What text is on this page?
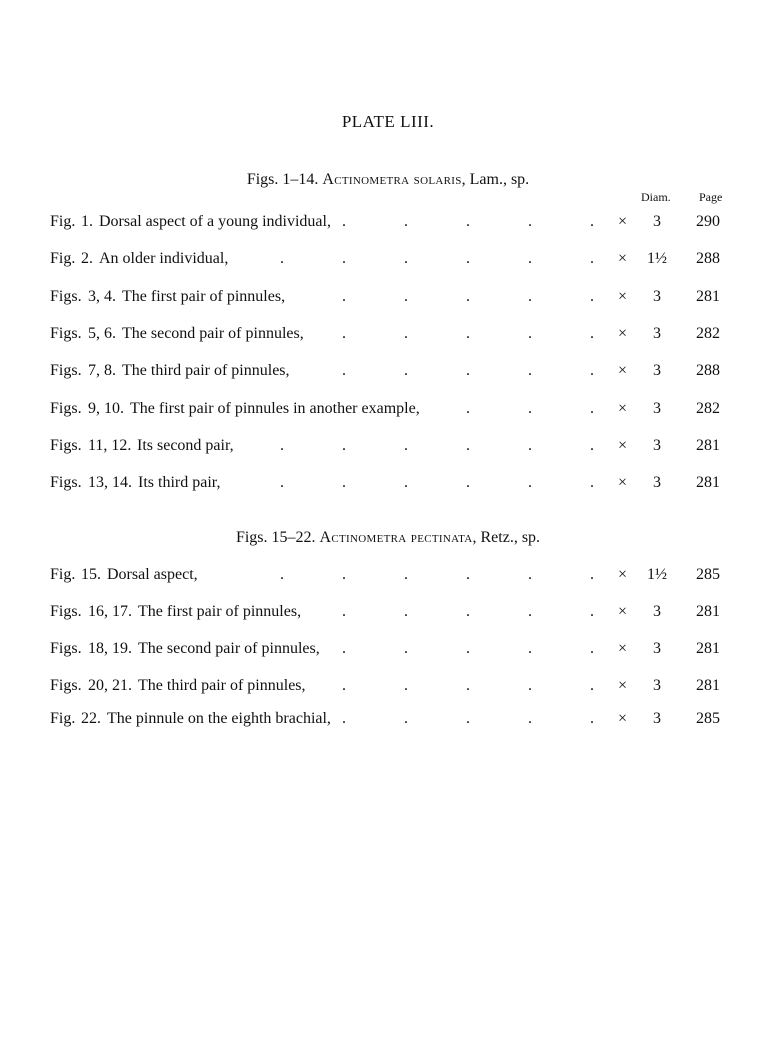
PLATE LIII.
Figs. 1–14. Actinometra solaris, Lam., sp.
Diam. Page
Fig. 1. Dorsal aspect of a young individual, .	.	.	.	. ×	3	290
Fig. 2. An older individual,	.	.	.	.	.	. × 1½ 288
Figs. 3, 4. The first pair of pinnules,	.	.	.	.	. ×	3	281
Figs. 5, 6. The second pair of pinnules, .	.	.	.	. ×	3	282
Figs. 7, 8. The third pair of pinnules,	.	.	.	.	. ×	3	288
Figs. 9, 10. The first pair of pinnules in another example,	.	.	. ×	3	282
Figs. 11, 12. Its second pair,	.	.	.	.	.	. ×	3	281
Figs. 13, 14. Its third pair,	.	.	.	.	.	. ×	3	281
Figs. 15–22. Actinometra pectinata, Retz., sp.
Fig. 15. Dorsal aspect,	.	.	.	.	.	. × 1½ 285
Figs. 16, 17. The first pair of pinnules,	.	.	.	.	. ×	3	281
Figs. 18, 19. The second pair of pinnules, .	.	.	.	. ×	3	281
Figs. 20, 21. The third pair of pinnules, .	.	.	.	. ×	3	281
Fig. 22. The pinnule on the eighth brachial, .	.	.	.	. ×	3	285
